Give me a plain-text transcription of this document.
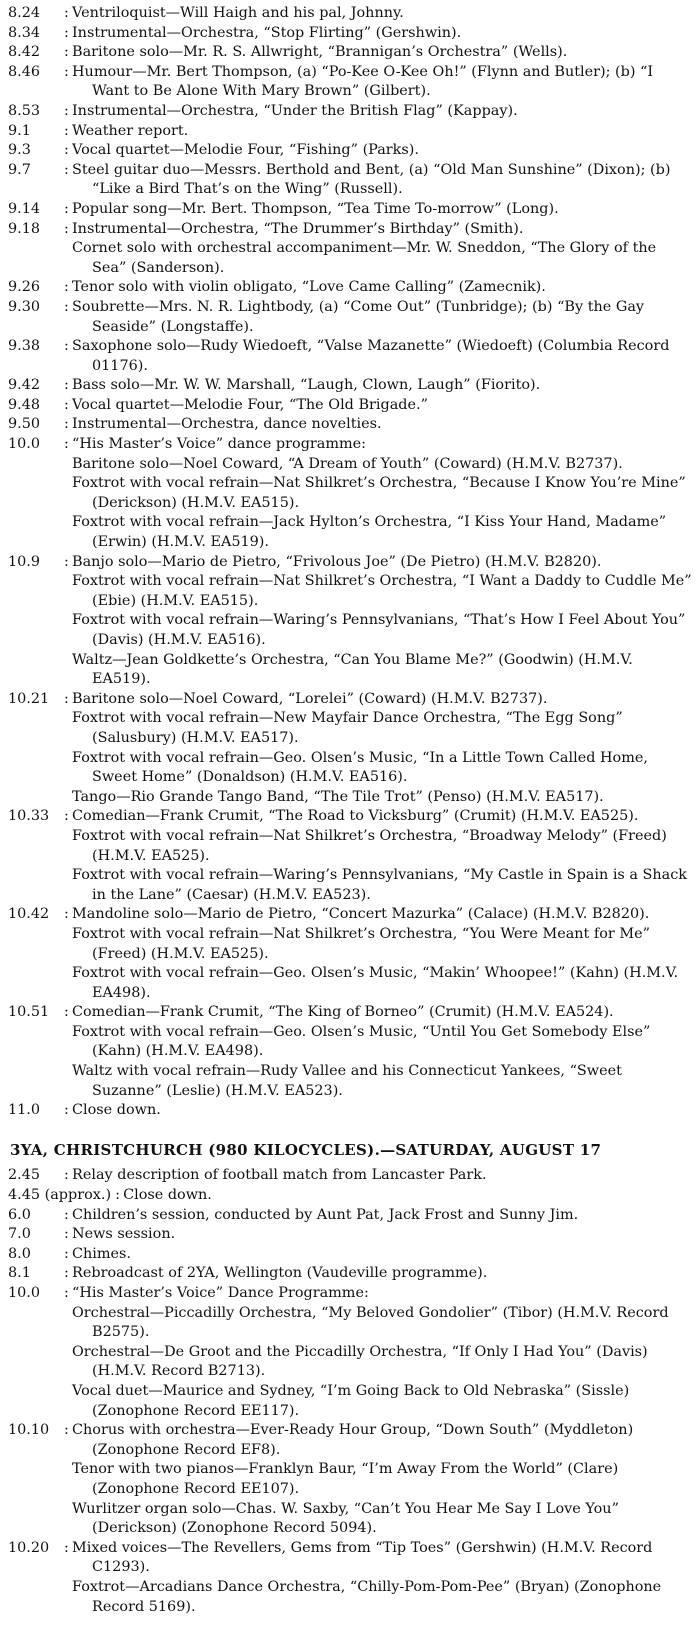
8.24	: Ventriloquist—Will Haigh and his pal, Johnny.
8.34	: Instrumental—Orchestra, “Stop Flirting” (Gershwin).
8.42	: Baritone solo—Mr. R. S. Allwright, “Brannigan’s Orchestra” (Wells).
8.46	: Humour—Mr. Bert Thompson, (a) “Po-Kee O-Kee Oh!” (Flynn and Butler); (b) “I Want to Be Alone With Mary Brown” (Gilbert).
8.53	: Instrumental—Orchestra, “Under the British Flag” (Kappay).
9.1	: Weather report.
9.3	: Vocal quartet—Melodie Four, “Fishing” (Parks).
9.7	: Steel guitar duo—Messrs. Berthold and Bent, (a) “Old Man Sunshine” (Dixon); (b) “Like a Bird That’s on the Wing” (Russell).
9.14	: Popular song—Mr. Bert. Thompson, “Tea Time To-morrow” (Long).
9.18	: Instrumental—Orchestra, “The Drummer’s Birthday” (Smith).
Cornet solo with orchestral accompaniment—Mr. W. Sneddon, “The Glory of the Sea” (Sanderson).
9.26	: Tenor solo with violin obligato, “Love Came Calling” (Zamecnik).
9.30	: Soubrette—Mrs. N. R. Lightbody, (a) “Come Out” (Tunbridge); (b) “By the Gay Seaside” (Longstaffe).
9.38	: Saxophone solo—Rudy Wiedoeft, “Valse Mazanette” (Wiedoeft) (Columbia Record 01176).
9.42	: Bass solo—Mr. W. W. Marshall, “Laugh, Clown, Laugh” (Fiorito).
9.48	: Vocal quartet—Melodie Four, “The Old Brigade.”
9.50	: Instrumental—Orchestra, dance novelties.
10.0	: “His Master’s Voice” dance programme:
Baritone solo—Noel Coward, “A Dream of Youth” (Coward) (H.M.V. B2737).
Foxtrot with vocal refrain—Nat Shilkret’s Orchestra, “Because I Know You’re Mine” (Derickson) (H.M.V. EA515).
Foxtrot with vocal refrain—Jack Hylton’s Orchestra, “I Kiss Your Hand, Madame” (Erwin) (H.M.V. EA519).
10.9	: Banjo solo—Mario de Pietro, “Frivolous Joe” (De Pietro) (H.M.V. B2820).
Foxtrot with vocal refrain—Nat Shilkret’s Orchestra, “I Want a Daddy to Cuddle Me” (Ebie) (H.M.V. EA515).
Foxtrot with vocal refrain—Waring’s Pennsylvanians, “That’s How I Feel About You” (Davis) (H.M.V. EA516).
Waltz—Jean Goldkette’s Orchestra, “Can You Blame Me?” (Goodwin) (H.M.V. EA519).
10.21	: Baritone solo—Noel Coward, “Lorelei” (Coward) (H.M.V. B2737).
Foxtrot with vocal refrain—New Mayfair Dance Orchestra, “The Egg Song” (Salusbury) (H.M.V. EA517).
Foxtrot with vocal refrain—Geo. Olsen’s Music, “In a Little Town Called Home, Sweet Home” (Donaldson) (H.M.V. EA516).
Tango—Rio Grande Tango Band, “The Tile Trot” (Penso) (H.M.V. EA517).
10.33	: Comedian—Frank Crumit, “The Road to Vicksburg” (Crumit) (H.M.V. EA525).
Foxtrot with vocal refrain—Nat Shilkret’s Orchestra, “Broadway Melody” (Freed) (H.M.V. EA525).
Foxtrot with vocal refrain—Waring’s Pennsylvanians, “My Castle in Spain is a Shack in the Lane” (Caesar) (H.M.V. EA523).
10.42	: Mandoline solo—Mario de Pietro, “Concert Mazurka” (Calace) (H.M.V. B2820).
Foxtrot with vocal refrain—Nat Shilkret’s Orchestra, “You Were Meant for Me” (Freed) (H.M.V. EA525).
Foxtrot with vocal refrain—Geo. Olsen’s Music, “Makin’ Whoopee!” (Kahn) (H.M.V. EA498).
10.51	: Comedian—Frank Crumit, “The King of Borneo” (Crumit) (H.M.V. EA524).
Foxtrot with vocal refrain—Geo. Olsen’s Music, “Until You Get Somebody Else” (Kahn) (H.M.V. EA498).
Waltz with vocal refrain—Rudy Vallee and his Connecticut Yankees, “Sweet Suzanne” (Leslie) (H.M.V. EA523).
11.0	: Close down.
3YA, CHRISTCHURCH (980 KILOCYCLES).—SATURDAY, AUGUST 17
2.45	: Relay description of football match from Lancaster Park.
4.45 (approx.) : Close down.
6.0	: Children’s session, conducted by Aunt Pat, Jack Frost and Sunny Jim.
7.0	: News session.
8.0	: Chimes.
8.1	: Rebroadcast of 2YA, Wellington (Vaudeville programme).
10.0	: “His Master’s Voice” Dance Programme:
Orchestral—Piccadilly Orchestra, “My Beloved Gondolier” (Tibor) (H.M.V. Record B2575).
Orchestral—De Groot and the Piccadilly Orchestra, “If Only I Had You” (Davis) (H.M.V. Record B2713).
Vocal duet—Maurice and Sydney, “I’m Going Back to Old Nebraska” (Sissle) (Zonophone Record EE117).
10.10	: Chorus with orchestra—Ever-Ready Hour Group, “Down South” (Myddleton) (Zonophone Record EF8).
Tenor with two pianos—Franklyn Baur, “I’m Away From the World” (Clare) (Zonophone Record EE107).
Wurlitzer organ solo—Chas. W. Saxby, “Can’t You Hear Me Say I Love You” (Derickson) (Zonophone Record 5094).
10.20	: Mixed voices—The Revellers, Gems from “Tip Toes” (Gershwin) (H.M.V. Record C1293).
Foxtrot—Arcadians Dance Orchestra, “Chilly-Pom-Pom-Pee” (Bryan) (Zonophone Record 5169).
